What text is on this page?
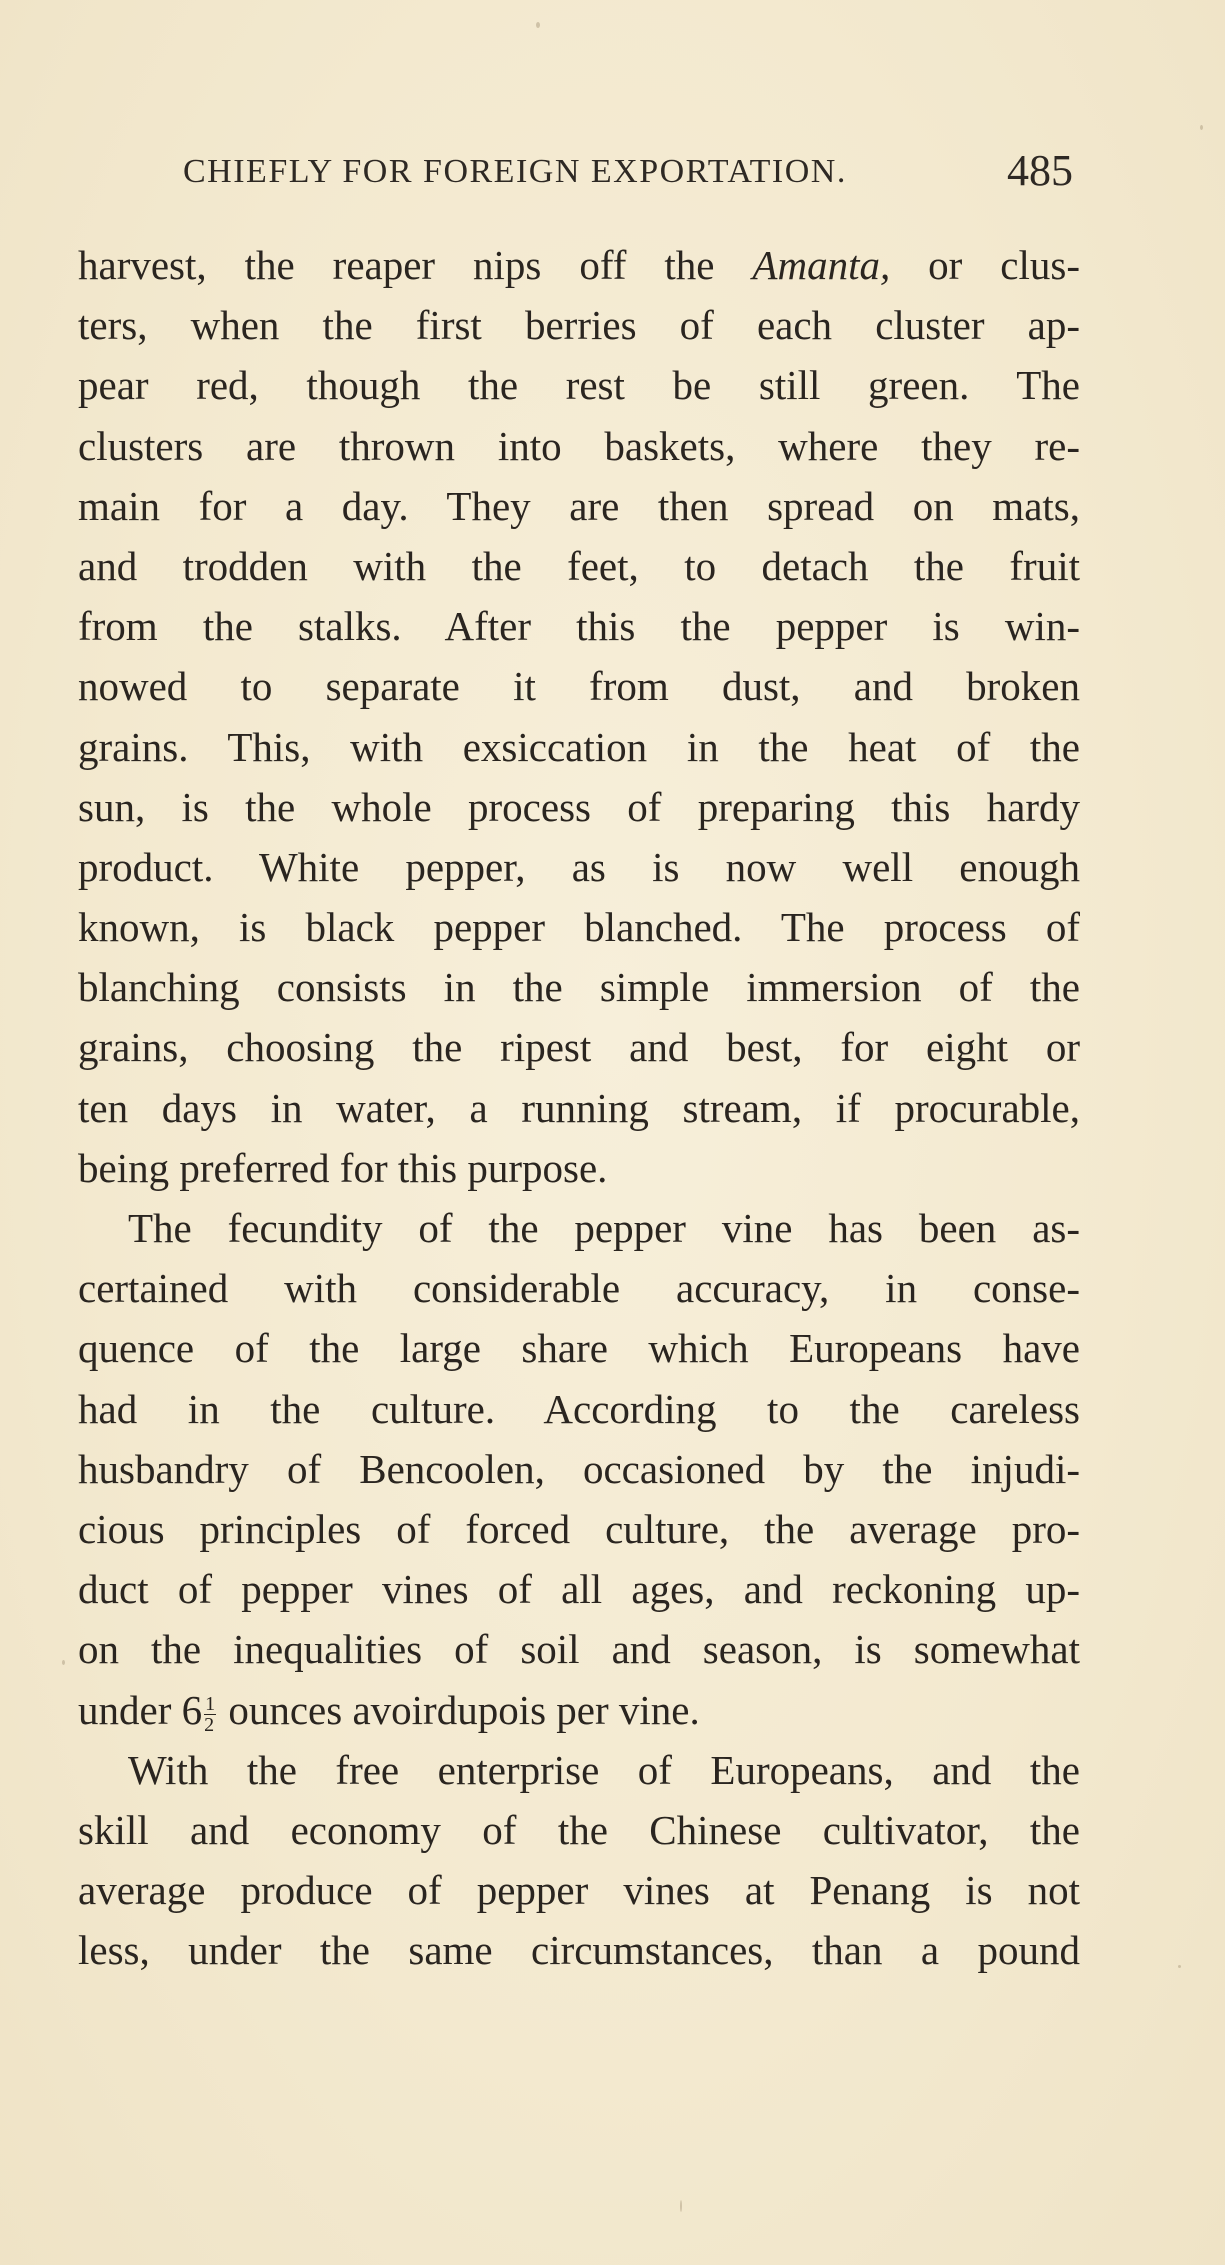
CHIEFLY FOR FOREIGN EXPORTATION.	485
harvest, the reaper nips off the Amanta, or clus-
ters, when the first berries of each cluster ap-
pear red, though the rest be still green. The
clusters are thrown into baskets, where they re-
main for a day. They are then spread on mats,
and trodden with the feet, to detach the fruit
from the stalks. After this the pepper is win-
nowed to separate it from dust, and broken
grains. This, with exsiccation in the heat of the
sun, is the whole process of preparing this hardy
product. White pepper, as is now well enough
known, is black pepper blanched. The process of
blanching consists in the simple immersion of the
grains, choosing the ripest and best, for eight or
ten days in water, a running stream, if procurable,
being preferred for this purpose.
The fecundity of the pepper vine has been as-
certained with considerable accuracy, in conse-
quence of the large share which Europeans have
had in the culture. According to the careless
husbandry of Bencoolen, occasioned by the injudi-
cious principles of forced culture, the average pro-
duct of pepper vines of all ages, and reckoning up-
on the inequalities of soil and season, is somewhat
under $6 \frac{1}{2}$ ounces avoirdupois per vine.
With the free enterprise of Europeans, and the
skill and economy of the Chinese cultivator, the
average produce of pepper vines at Penang is not
less, under the same circumstances, than a pound
